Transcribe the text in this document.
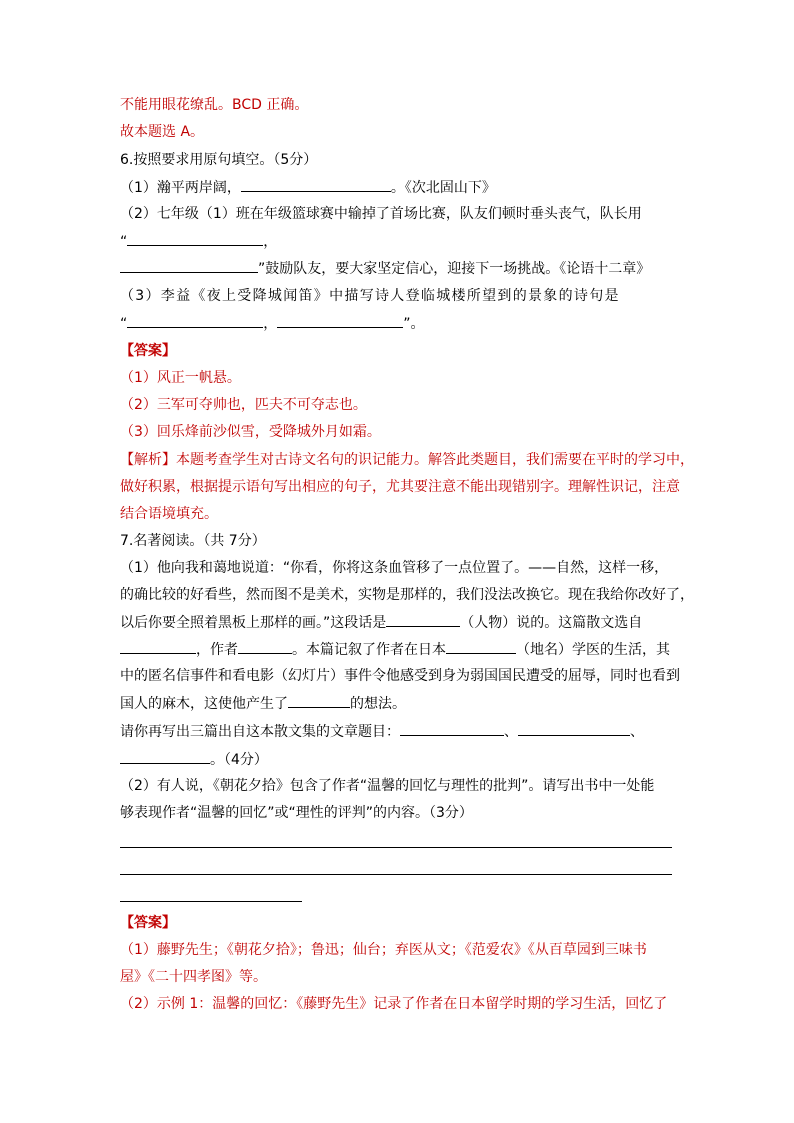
不能用眼花缭乱。BCD 正确。
故本题选 A。
6.按照要求用原句填空。（5分）
（1）瀚平两岸阔，	。《次北固山下》
（2）七年级（1）班在年级篮球赛中输掉了首场比赛，队友们顿时垂头丧气，队长用
“	，
”鼓励队友，要大家坚定信心，迎接下一场挑战。《论语十二章》
（3）李益《夜上受降城闻笛》中描写诗人登临城楼所望到的景象的诗句是
“	，	”。
【答案】
（1）风正一帆悬。
（2）三军可夺帅也，匹夫不可夺志也。
（3）回乐烽前沙似雪，受降城外月如霜。
【解析】本题考查学生对古诗文名句的识记能力。解答此类题目，我们需要在平时的学习中，
做好积累，根据提示语句写出相应的句子，尤其要注意不能出现错别字。理解性识记，注意
结合语境填充。
7.名著阅读。（共 7分）
（1）他向我和蔼地说道：“你看，你将这条血管移了一点位置了。——自然，这样一移，
的确比较的好看些，然而图不是美术，实物是那样的，我们没法改换它。现在我给你改好了，
以后你要全照着黑板上那样的画。”这段话是	（人物）说的。这篇散文选自
，作者	。本篇记叙了作者在日本	（地名）学医的生活，其
中的匿名信事件和看电影（幻灯片）事件令他感受到身为弱国国民遭受的屈辱，同时也看到
国人的麻木，这使他产生了	的想法。
请你再写出三篇出自这本散文集的文章题目：	、	、
。（4分）
（2）有人说，《朝花夕拾》包含了作者“温馨的回忆与理性的批判”。请写出书中一处能
够表现作者“温馨的回忆”或“理性的评判”的内容。（3分）
【答案】
（1）藤野先生；《朝花夕拾》；鲁迅；仙台；弃医从文；《范爱农》《从百草园到三味书
屋》《二十四孝图》等。
（2）示例 1：温馨的回忆：《藤野先生》记录了作者在日本留学时期的学习生活，回忆了
